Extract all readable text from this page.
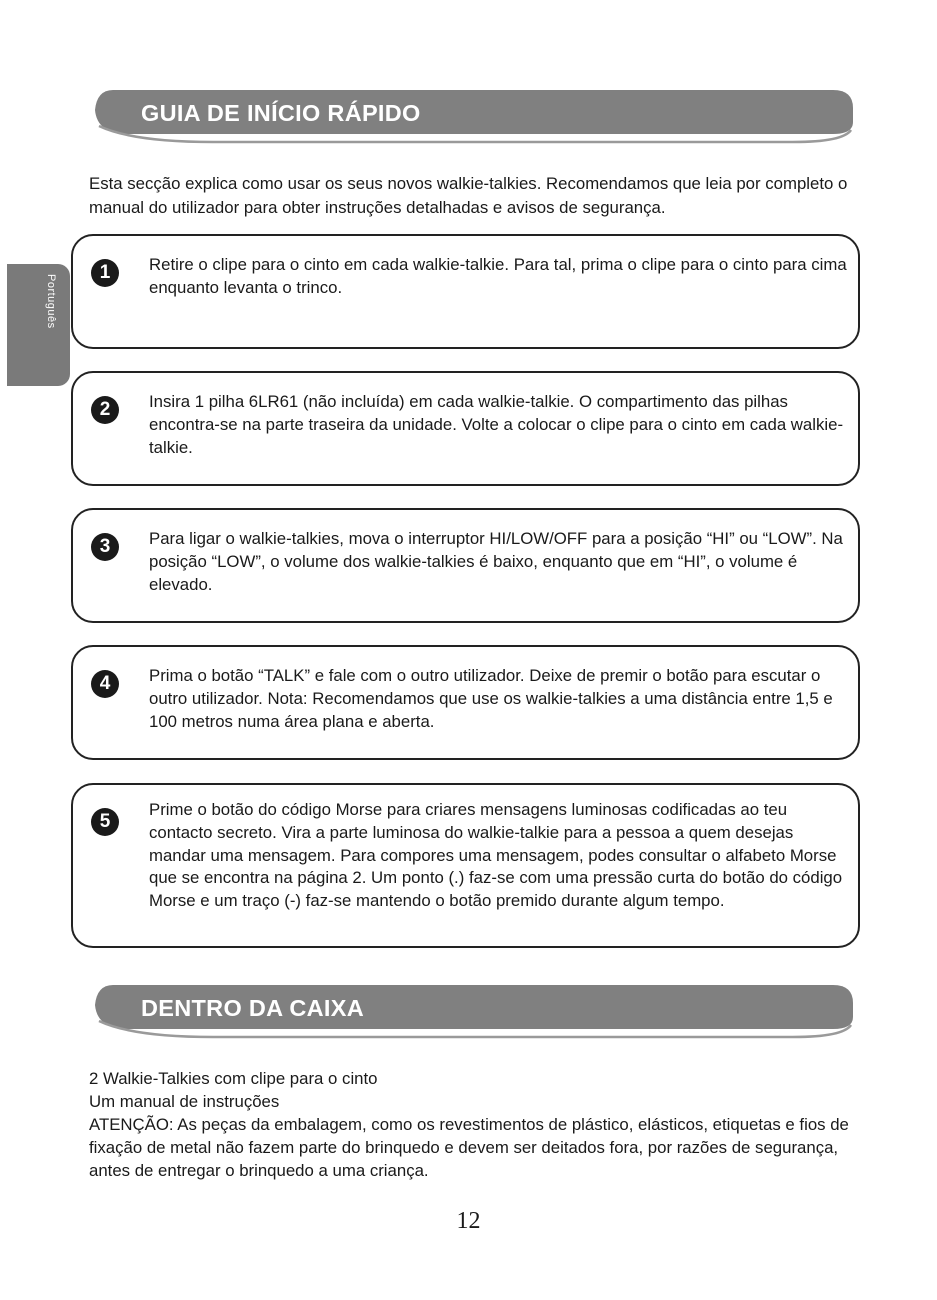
GUIA DE INÍCIO RÁPIDO

Esta secção explica como usar os seus novos walkie-talkies. Recomendamos que leia por completo o manual do utilizador para obter instruções detalhadas e avisos de segurança.

Português
1	Retire o clipe para o cinto em cada walkie-talkie. Para tal, prima o clipe para o cinto para cima enquanto levanta o trinco.

2	Insira 1 pilha 6LR61 (não incluída) em cada walkie-talkie. O compartimento das pilhas encontra-se na parte traseira da unidade. Volte a colocar o clipe para o cinto em cada walkie-talkie.

3	Para ligar o walkie-talkies, mova o interruptor HI/LOW/OFF para a posição “HI” ou “LOW”. Na posição “LOW”, o volume dos walkie-talkies é baixo, enquanto que em “HI”, o volume é elevado.

4	Prima o botão “TALK” e fale com o outro utilizador. Deixe de premir o botão para escutar o outro utilizador. Nota: Recomendamos que use os walkie-talkies a uma distância entre 1,5 e 100 metros numa área plana e aberta.

5

Prime o botão do código Morse para criares mensagens luminosas codificadas ao teu contacto secreto. Vira a parte luminosa do walkie-talkie para a pessoa a quem desejas mandar uma mensagem. Para compores uma mensagem, podes consultar o alfabeto Morse que se encontra na página 2. Um ponto (.) faz-se com uma pressão curta do botão do código Morse e um traço (-) faz-se mantendo o botão premido durante algum tempo.

DENTRO DA CAIXA

2 Walkie-Talkies com clipe para o cinto

Um manual de instruções

ATENÇÃO: As peças da embalagem, como os revestimentos de plástico, elásticos, etiquetas e fios de fixação de metal não fazem parte do brinquedo e devem ser deitados fora, por razões de segurança, antes de entregar o brinquedo a uma criança.

12
